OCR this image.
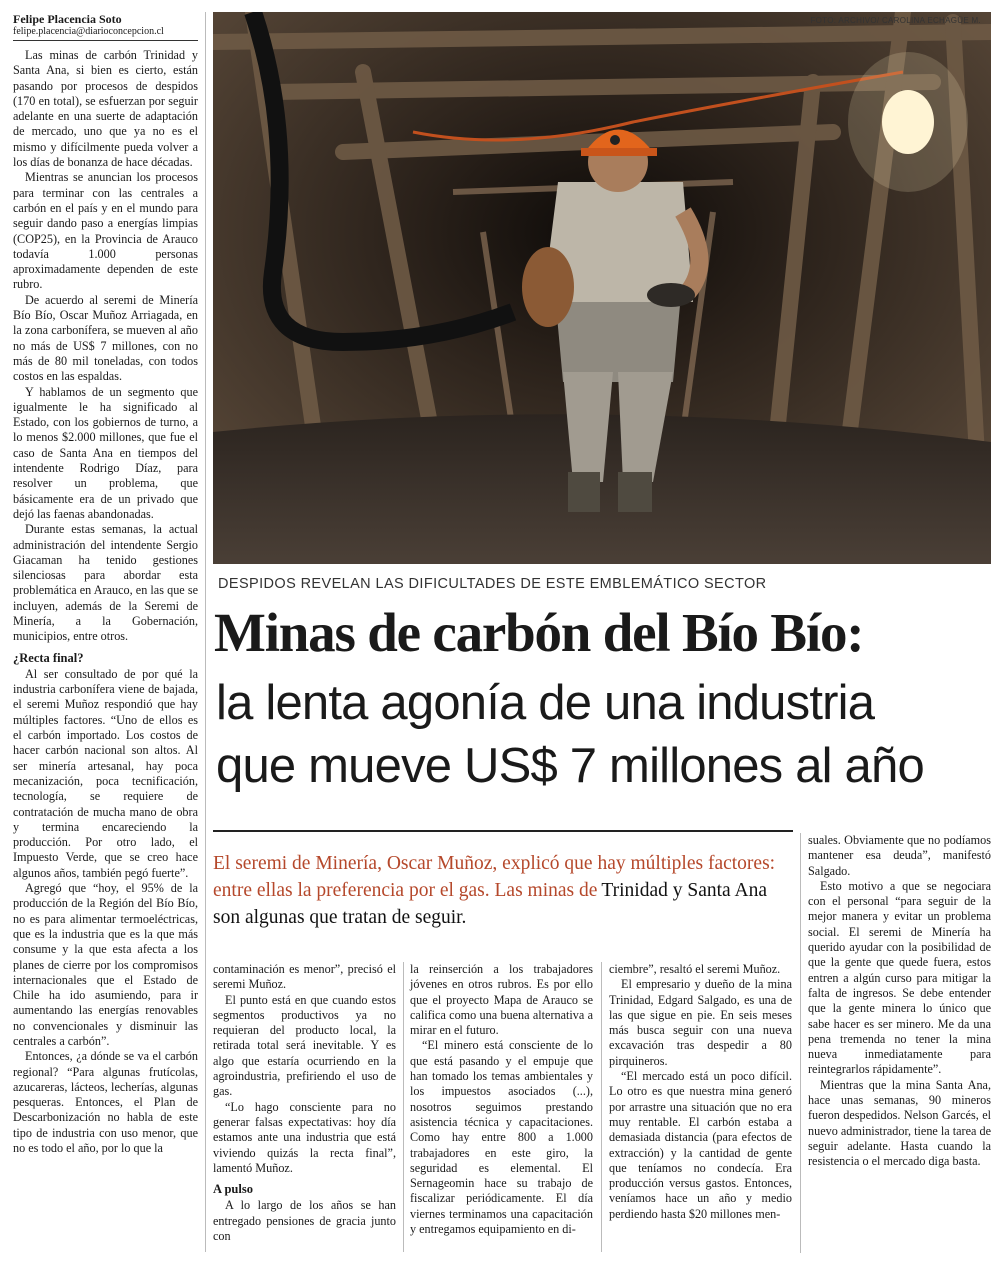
Felipe Placencia Soto
felipe.placencia@diarioconcepcion.cl

Las minas de carbón Trinidad y Santa Ana, si bien es cierto, están pasando por procesos de despidos (170 en total), se esfuerzan por seguir adelante en una suerte de adaptación de mercado, uno que ya no es el mismo y difícilmente pueda volver a los días de bonanza de hace décadas.

Mientras se anuncian los procesos para terminar con las centrales a carbón en el país y en el mundo para seguir dando paso a energías limpias (COP25), en la Provincia de Arauco todavía 1.000 personas aproximadamente dependen de este rubro.

De acuerdo al seremi de Minería Bío Bío, Oscar Muñoz Arriagada, en la zona carbonífera, se mueven al año no más de US$ 7 millones, con no más de 80 mil toneladas, con todos costos en las espaldas.

Y hablamos de un segmento que igualmente le ha significado al Estado, con los gobiernos de turno, a lo menos $2.000 millones, que fue el caso de Santa Ana en tiempos del intendente Rodrigo Díaz, para resolver un problema, que básicamente era de un privado que dejó las faenas abandonadas.

Durante estas semanas, la actual administración del intendente Sergio Giacaman ha tenido gestiones silenciosas para abordar esta problemática en Arauco, en las que se incluyen, además de la Seremi de Minería, a la Gobernación, municipios, entre otros.

¿Recta final?

Al ser consultado de por qué la industria carbonífera viene de bajada, el seremi Muñoz respondió que hay múltiples factores. “Uno de ellos es el carbón importado. Los costos de hacer carbón nacional son altos. Al ser minería artesanal, hay poca mecanización, poca tecnificación, tecnología, se requiere de contratación de mucha mano de obra y termina encareciendo la producción. Por otro lado, el Impuesto Verde, que se creo hace algunos años, también pegó fuerte”.

Agregó que “hoy, el 95% de la producción de la Región del Bío Bío, no es para alimentar termoeléctricas, que es la industria que es la que más consume y la que esta afecta a los planes de cierre por los compromisos internacionales que el Estado de Chile ha ido asumiendo, para ir aumentando las energías renovables no convencionales y disminuir las centrales a carbón”.

Entonces, ¿a dónde se va el carbón regional? “Para algunas frutícolas, azucareras, lácteos, lecherías, algunas pesqueras. Entonces, el Plan de Descarbonización no habla de este tipo de industria con uso menor, que no es todo el año, por lo que la

FOTO: ARCHIVO/ CAROLINA ECHAGÜE M.
DESPIDOS REVELAN LAS DIFICULTADES DE ESTE EMBLEMÁTICO SECTOR
Minas de carbón del Bío Bío:
la lenta agonía de una industria
que mueve US$ 7 millones al año
El seremi de Minería, Oscar Muñoz, explicó que hay múltiples factores: entre ellas la preferencia por el gas. Las minas de Trinidad y Santa Ana son algunas que tratan de seguir.

contaminación es menor”, precisó el seremi Muñoz.

El punto está en que cuando estos segmentos productivos ya no requieran del producto local, la retirada total será inevitable. Y es algo que estaría ocurriendo en la agroindustria, prefiriendo el uso de gas.

“Lo hago consciente para no generar falsas expectativas: hoy día estamos ante una industria que está viviendo quizás la recta final”, lamentó Muñoz.

A pulso

A lo largo de los años se han entregado pensiones de gracia junto con

la reinserción a los trabajadores jóvenes en otros rubros. Es por ello que el proyecto Mapa de Arauco se califica como una buena alternativa a mirar en el futuro.

“El minero está consciente de lo que está pasando y el empuje que han tomado los temas ambientales y los impuestos asociados (...), nosotros seguimos prestando asistencia técnica y capacitaciones. Como hay entre 800 a 1.000 trabajadores en este giro, la seguridad es elemental. El Sernageomin hace su trabajo de fiscalizar periódicamente. El día viernes terminamos una capacitación y entregamos equipamiento en di-

ciembre”, resaltó el seremi Muñoz.

El empresario y dueño de la mina Trinidad, Edgard Salgado, es una de las que sigue en pie. En seis meses más busca seguir con una nueva excavación tras despedir a 80 pirquineros.

“El mercado está un poco difícil. Lo otro es que nuestra mina generó por arrastre una situación que no era muy rentable. El carbón estaba a demasiada distancia (para efectos de extracción) y la cantidad de gente que teníamos no condecía. Era producción versus gastos. Entonces, veníamos hace un año y medio perdiendo hasta $20 millones men-

suales. Obviamente que no podíamos mantener esa deuda”, manifestó Salgado.

Esto motivo a que se negociara con el personal “para seguir de la mejor manera y evitar un problema social. El seremi de Minería ha querido ayudar con la posibilidad de que la gente que quede fuera, estos entren a algún curso para mitigar la falta de ingresos. Se debe entender que la gente minera lo único que sabe hacer es ser minero. Me da una pena tremenda no tener la mina nueva inmediatamente para reintegrarlos rápidamente”.

Mientras que la mina Santa Ana, hace unas semanas, 90 mineros fueron despedidos. Nelson Garcés, el nuevo administrador, tiene la tarea de seguir adelante. Hasta cuando la resistencia o el mercado diga basta.
